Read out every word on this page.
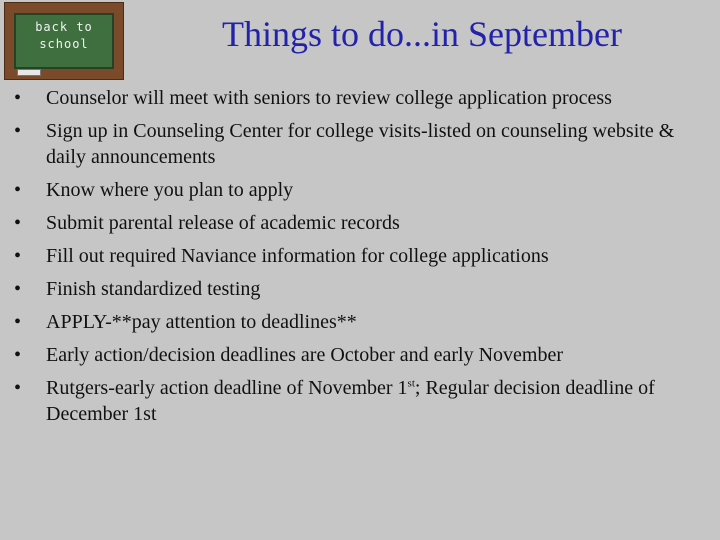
back to
school	Things to do...in September
• Counselor will meet with seniors to review college application process
• Sign up in Counseling Center for college visits-listed on counseling website & daily announcements
• Know where you plan to apply
• Submit parental release of academic records
• Fill out required Naviance information for college applications
• Finish standardized testing
• APPLY-**pay attention to deadlines**
• Early action/decision deadlines are October and early November
• Rutgers-early action deadline of November 1st; Regular decision deadline of December 1st
